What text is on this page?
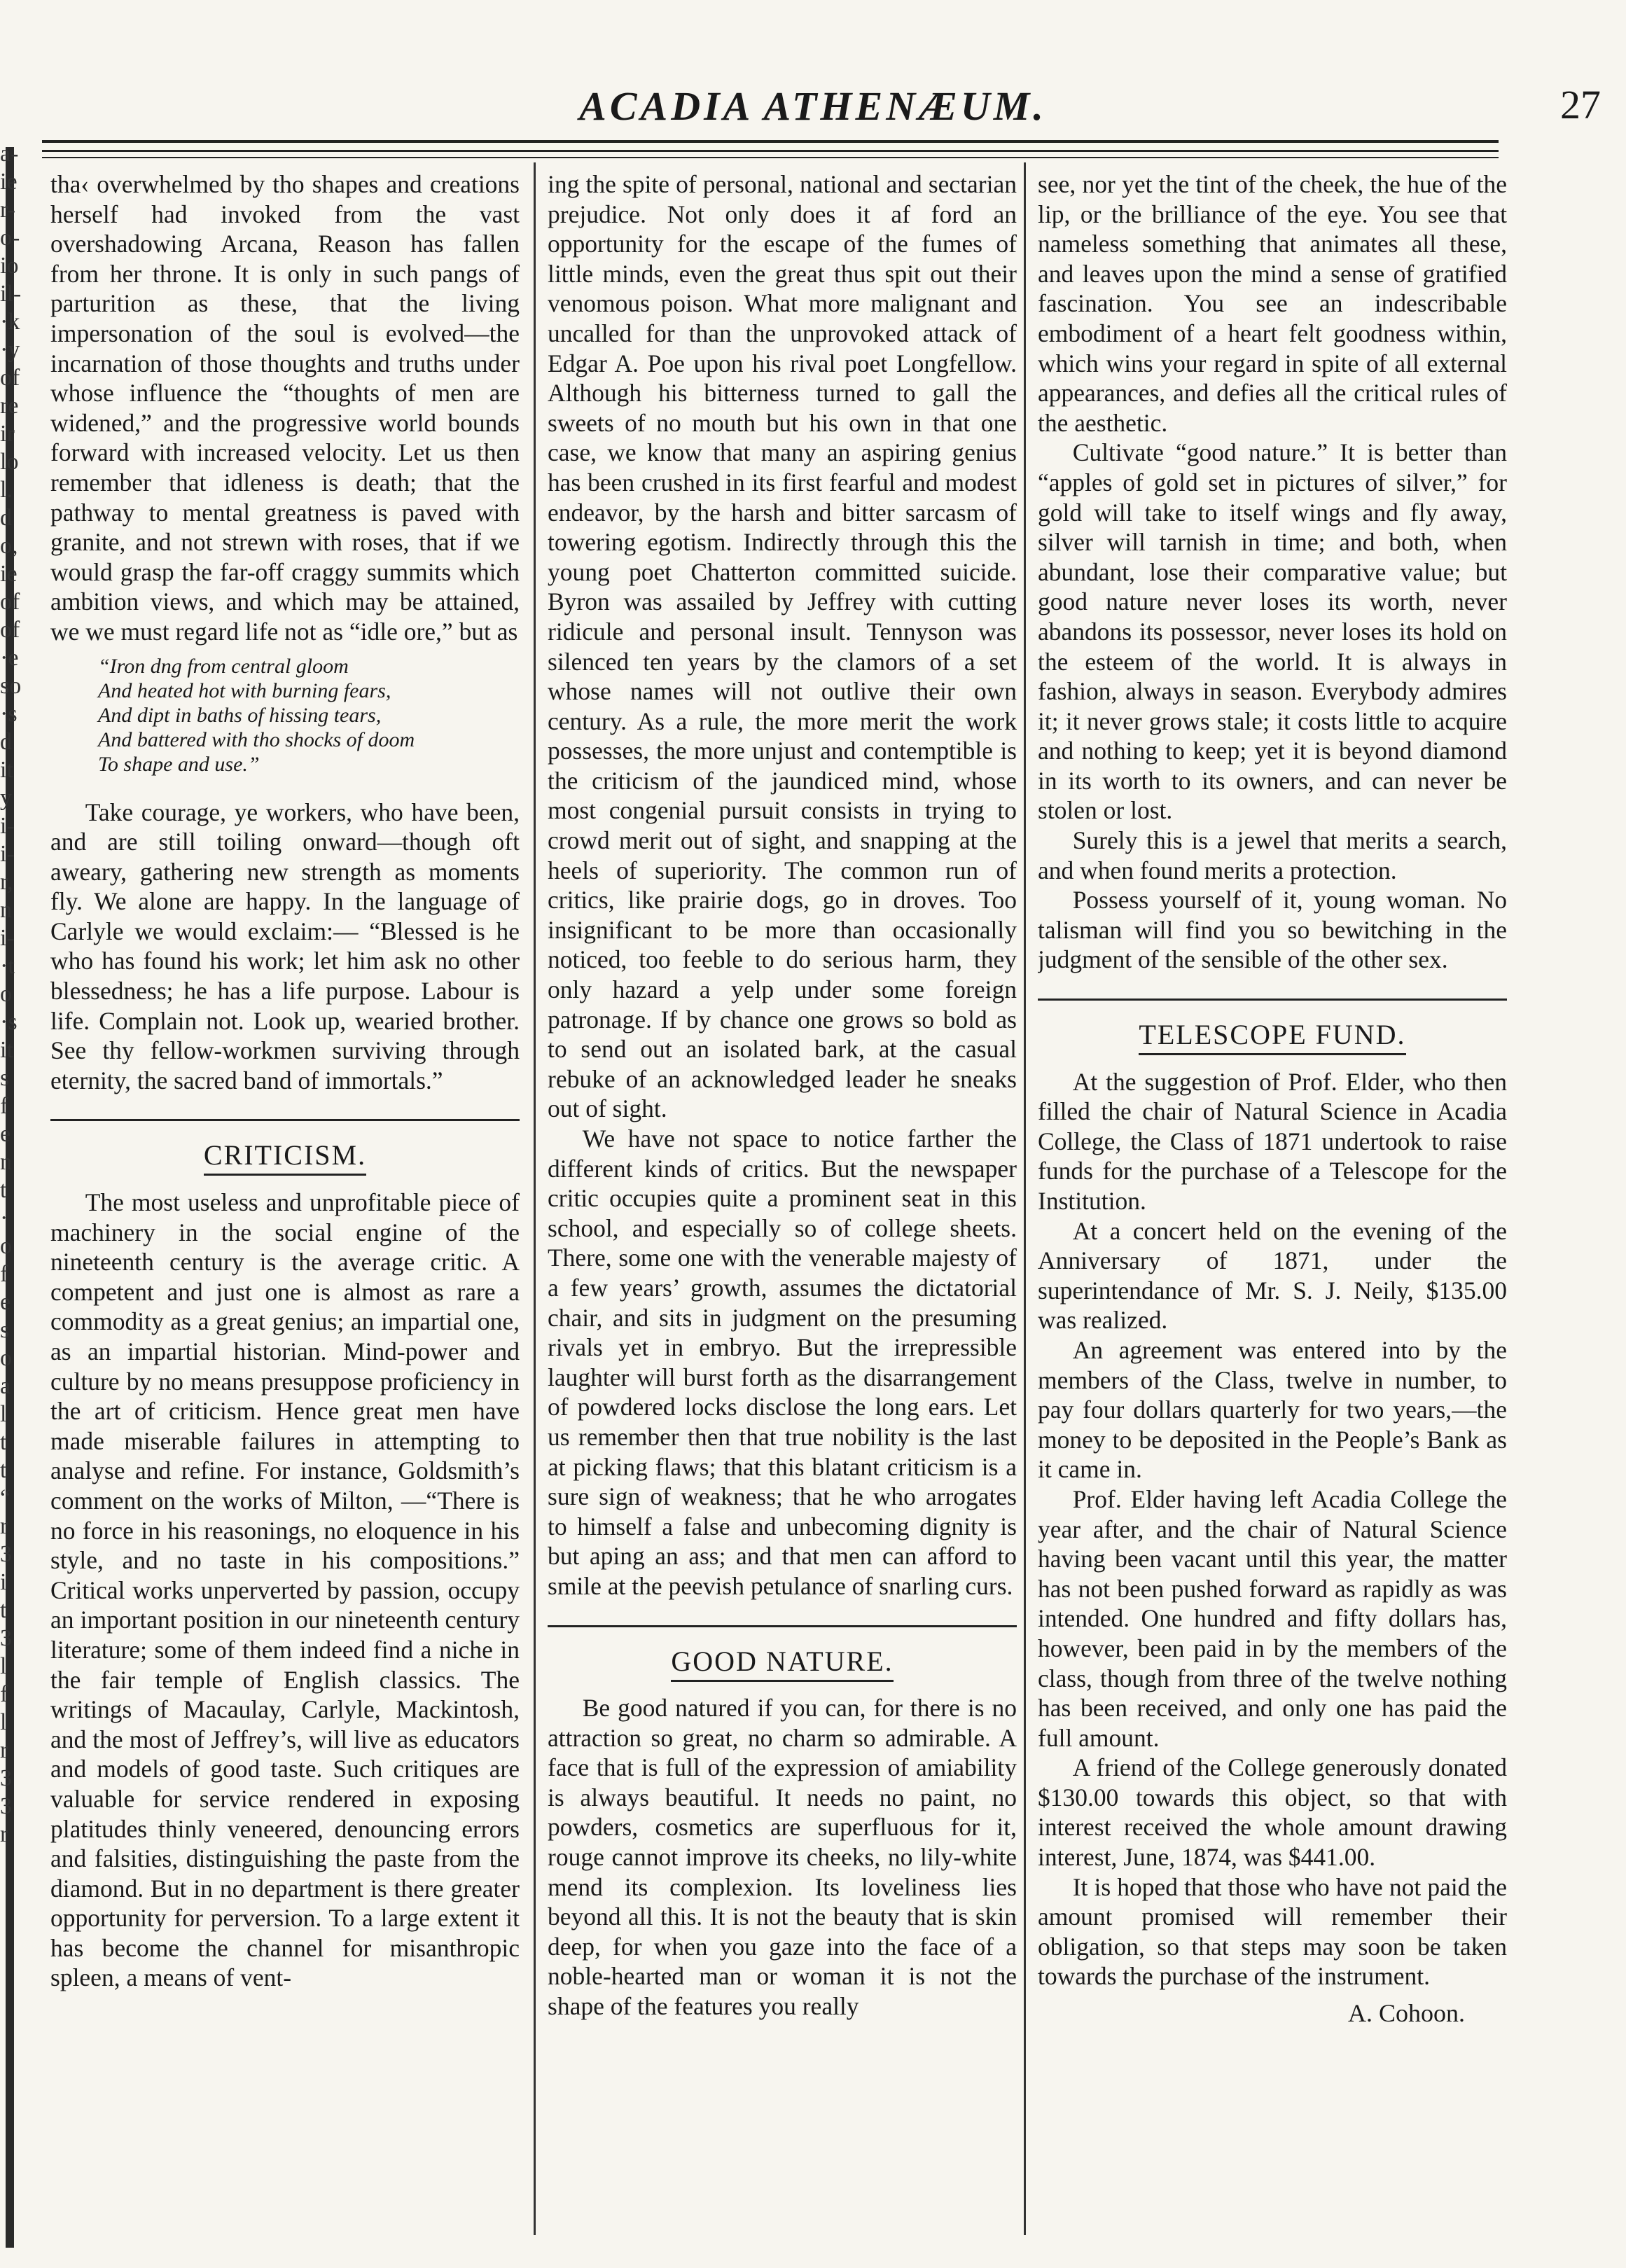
a-
ie
r-
o-
io
il-
·k
·y
of
re
ir
lo
l.
d
o,
ie
of
of
·e
so
·s
d
it
y
i-
i-
r,
n
i-
·t
o
·s
it
s
f
e
n
t
·
o
f
e
s
o
a
l
t
t
“
r
3
i
t
3
l
f
l
r
3
3
r
ACADIA ATHENÆUM.	27

tha‹ overwhelmed by tho shapes and creations herself had invoked from the vast overshadowing Arcana, Reason has fallen from her throne. It is only in such pangs of parturition as these, that the living impersonation of the soul is evolved—the incarnation of those thoughts and truths under whose influence the “thoughts of men are widened,” and the progressive world bounds forward with increased velocity. Let us then remember that idleness is death; that the pathway to mental greatness is paved with granite, and not strewn with roses, that if we would grasp the far-off craggy summits which ambition views, and which may be attained, we we must regard life not as “idle ore,” but as

“Iron dng from central gloom
And heated hot with burning fears,
And dipt in baths of hissing tears,
And battered with tho shocks of doom
To shape and use.”

Take courage, ye workers, who have been, and are still toiling onward—though oft aweary, gathering new strength as moments fly. We alone are happy. In the language of Carlyle we would exclaim:— “Blessed is he who has found his work; let him ask no other blessedness; he has a life purpose. Labour is life. Complain not. Look up, wearied brother. See thy fellow-workmen surviving through eternity, the sacred band of immortals.”

CRITICISM.

The most useless and unprofitable piece of machinery in the social engine of the nineteenth century is the average critic. A competent and just one is almost as rare a commodity as a great genius; an impartial one, as an impartial historian. Mind-power and culture by no means presuppose proficiency in the art of criticism. Hence great men have made miserable failures in attempting to analyse and refine. For instance, Goldsmith’s comment on the works of Milton, —“There is no force in his reasonings, no eloquence in his style, and no taste in his compositions.” Critical works unperverted by passion, occupy an important position in our nineteenth century literature; some of them indeed find a niche in the fair temple of English classics. The writings of Macaulay, Carlyle, Mackintosh, and the most of Jeffrey’s, will live as educators and models of good taste. Such critiques are valuable for service rendered in exposing platitudes thinly veneered, denouncing errors and falsities, distinguishing the paste from the diamond. But in no department is there greater opportunity for perversion. To a large extent it has become the channel for misanthropic spleen, a means of vent-

ing the spite of personal, national and sectarian prejudice. Not only does it af ford an opportunity for the escape of the fumes of little minds, even the great thus spit out their venomous poison. What more malignant and uncalled for than the unprovoked attack of Edgar A. Poe upon his rival poet Longfellow. Although his bitterness turned to gall the sweets of no mouth but his own in that one case, we know that many an aspiring genius has been crushed in its first fearful and modest endeavor, by the harsh and bitter sarcasm of towering egotism. Indirectly through this the young poet Chatterton committed suicide. Byron was assailed by Jeffrey with cutting ridicule and personal insult. Tennyson was silenced ten years by the clamors of a set whose names will not outlive their own century. As a rule, the more merit the work possesses, the more unjust and contemptible is the criticism of the jaundiced mind, whose most congenial pursuit consists in trying to crowd merit out of sight, and snapping at the heels of superiority. The common run of critics, like prairie dogs, go in droves. Too insignificant to be more than occasionally noticed, too feeble to do serious harm, they only hazard a yelp under some foreign patronage. If by chance one grows so bold as to send out an isolated bark, at the casual rebuke of an acknowledged leader he sneaks out of sight.

We have not space to notice farther the different kinds of critics. But the newspaper critic occupies quite a prominent seat in this school, and especially so of college sheets. There, some one with the venerable majesty of a few years’ growth, assumes the dictatorial chair, and sits in judgment on the presuming rivals yet in embryo. But the irrepressible laughter will burst forth as the disarrangement of powdered locks disclose the long ears. Let us remember then that true nobility is the last at picking flaws; that this blatant criticism is a sure sign of weakness; that he who arrogates to himself a false and unbecoming dignity is but aping an ass; and that men can afford to smile at the peevish petulance of snarling curs.

GOOD NATURE.

Be good natured if you can, for there is no attraction so great, no charm so admirable. A face that is full of the expression of amiability is always beautiful. It needs no paint, no powders, cosmetics are superfluous for it, rouge cannot improve its cheeks, no lily-white mend its complexion. Its loveliness lies beyond all this. It is not the beauty that is skin deep, for when you gaze into the face of a noble-hearted man or woman it is not the shape of the features you really

see, nor yet the tint of the cheek, the hue of the lip, or the brilliance of the eye. You see that nameless something that animates all these, and leaves upon the mind a sense of gratified fascination. You see an indescribable embodiment of a heart felt goodness within, which wins your regard in spite of all external appearances, and defies all the critical rules of the aesthetic.

Cultivate “good nature.” It is better than “apples of gold set in pictures of silver,” for gold will take to itself wings and fly away, silver will tarnish in time; and both, when abundant, lose their comparative value; but good nature never loses its worth, never abandons its possessor, never loses its hold on the esteem of the world. It is always in fashion, always in season. Everybody admires it; it never grows stale; it costs little to acquire and nothing to keep; yet it is beyond diamond in its worth to its owners, and can never be stolen or lost.

Surely this is a jewel that merits a search, and when found merits a protection.

Possess yourself of it, young woman. No talisman will find you so bewitching in the judgment of the sensible of the other sex.

TELESCOPE FUND.

At the suggestion of Prof. Elder, who then filled the chair of Natural Science in Acadia College, the Class of 1871 undertook to raise funds for the purchase of a Telescope for the Institution.

At a concert held on the evening of the Anniversary of 1871, under the superintendance of Mr. S. J. Neily, $135.00 was realized.

An agreement was entered into by the members of the Class, twelve in number, to pay four dollars quarterly for two years,—the money to be deposited in the People’s Bank as it came in.

Prof. Elder having left Acadia College the year after, and the chair of Natural Science having been vacant until this year, the matter has not been pushed forward as rapidly as was intended. One hundred and fifty dollars has, however, been paid in by the members of the class, though from three of the twelve nothing has been received, and only one has paid the full amount.

A friend of the College generously donated $130.00 towards this object, so that with interest received the whole amount drawing interest, June, 1874, was $441.00.

It is hoped that those who have not paid the amount promised will remember their obligation, so that steps may soon be taken towards the purchase of the instrument.

A. Cohoon.
